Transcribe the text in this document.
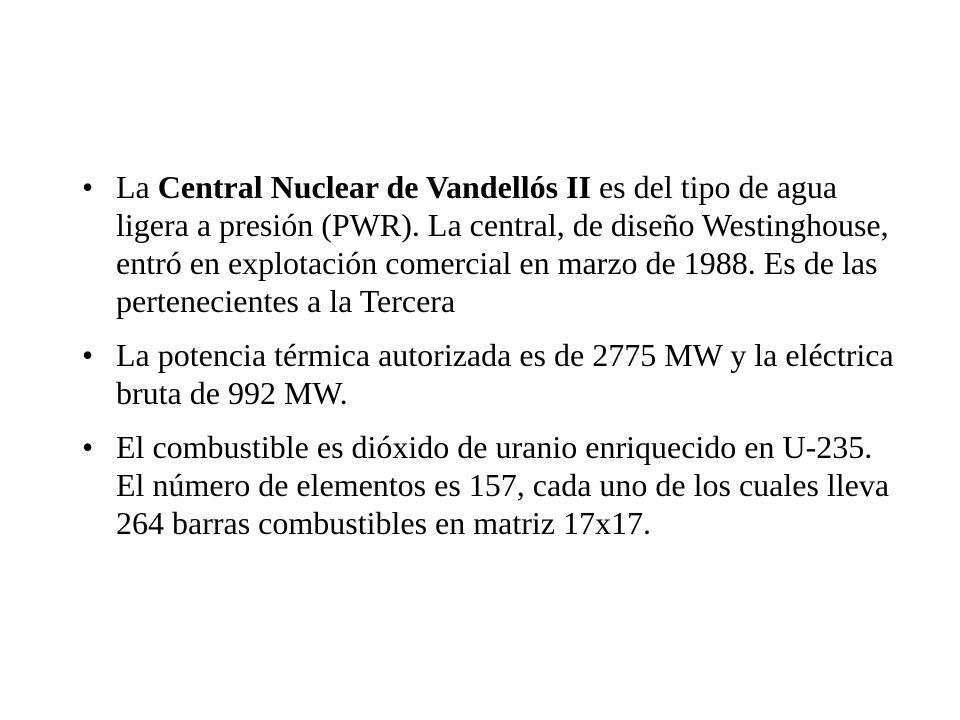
• La Central Nuclear de Vandellós II es del tipo de agua ligera a presión (PWR). La central, de diseño Westinghouse, entró en explotación comercial en marzo de 1988. Es de las pertenecientes a la Tercera
• La potencia térmica autorizada es de 2775 MW y la eléctrica bruta de 992 MW.
• El combustible es dióxido de uranio enriquecido en U-235. El número de elementos es 157, cada uno de los cuales lleva 264 barras combustibles en matriz 17x17.
